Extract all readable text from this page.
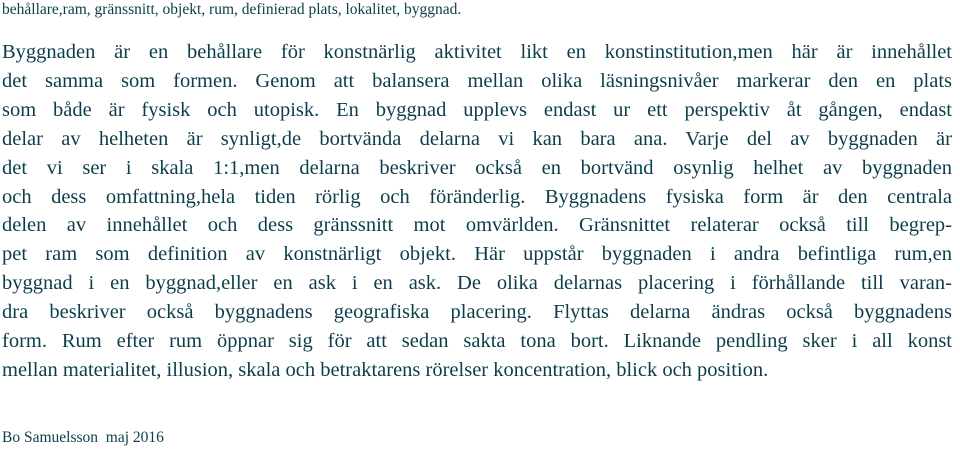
behållare,ram, gränssnitt, objekt, rum, definierad plats, lokalitet, byggnad.
Byggnaden är en behållare för konstnärlig aktivitet likt en konstinstitution,men här är innehållet
det samma som formen. Genom att balansera mellan olika läsningsnivåer markerar den en plats
som både är fysisk och utopisk. En byggnad upplevs endast ur ett perspektiv åt gången, endast
delar av helheten är synligt,de bortvända delarna vi kan bara ana. Varje del av byggnaden är
det vi ser i skala 1:1,men delarna beskriver också en bortvänd osynlig helhet av byggnaden
och dess omfattning,hela tiden rörlig och föränderlig. Byggnadens fysiska form är den centrala
delen av innehållet och dess gränssnitt mot omvärlden. Gränsnittet relaterar också till begrep-
pet ram som definition av konstnärligt objekt. Här uppstår byggnaden i andra befintliga rum,en
byggnad i en byggnad,eller en ask i en ask. De olika delarnas placering i förhållande till varan-
dra beskriver också byggnadens geografiska placering. Flyttas delarna ändras också byggnadens
form. Rum efter rum öppnar sig för att sedan sakta tona bort. Liknande pendling sker i all konst
mellan materialitet, illusion, skala och betraktarens rörelser koncentration, blick och position.
Bo Samuelsson  maj 2016
